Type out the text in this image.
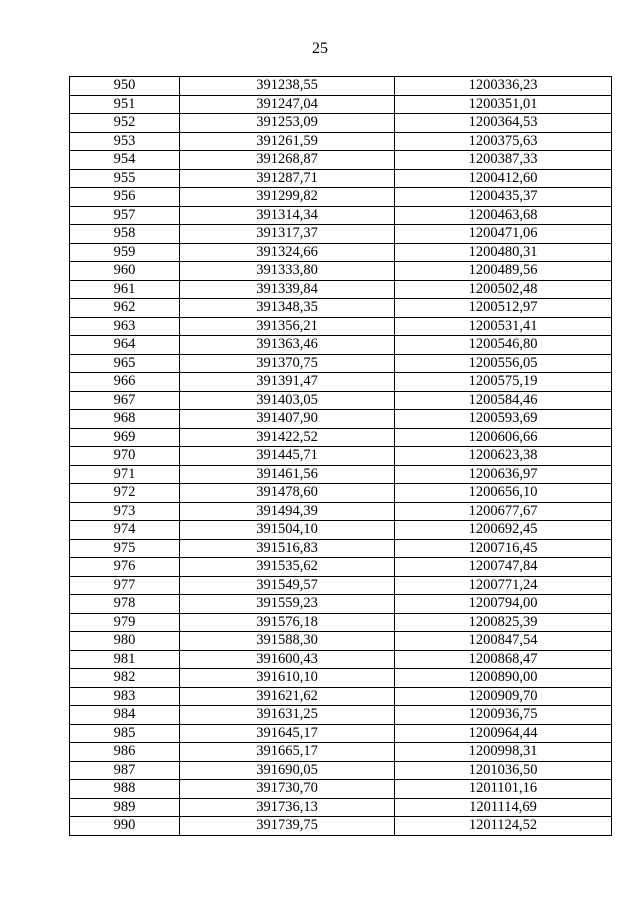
25
950	391238,55	1200336,23
951	391247,04	1200351,01
952	391253,09	1200364,53
953	391261,59	1200375,63
954	391268,87	1200387,33
955	391287,71	1200412,60
956	391299,82	1200435,37
957	391314,34	1200463,68
958	391317,37	1200471,06
959	391324,66	1200480,31
960	391333,80	1200489,56
961	391339,84	1200502,48
962	391348,35	1200512,97
963	391356,21	1200531,41
964	391363,46	1200546,80
965	391370,75	1200556,05
966	391391,47	1200575,19
967	391403,05	1200584,46
968	391407,90	1200593,69
969	391422,52	1200606,66
970	391445,71	1200623,38
971	391461,56	1200636,97
972	391478,60	1200656,10
973	391494,39	1200677,67
974	391504,10	1200692,45
975	391516,83	1200716,45
976	391535,62	1200747,84
977	391549,57	1200771,24
978	391559,23	1200794,00
979	391576,18	1200825,39
980	391588,30	1200847,54
981	391600,43	1200868,47
982	391610,10	1200890,00
983	391621,62	1200909,70
984	391631,25	1200936,75
985	391645,17	1200964,44
986	391665,17	1200998,31
987	391690,05	1201036,50
988	391730,70	1201101,16
989	391736,13	1201114,69
990	391739,75	1201124,52
